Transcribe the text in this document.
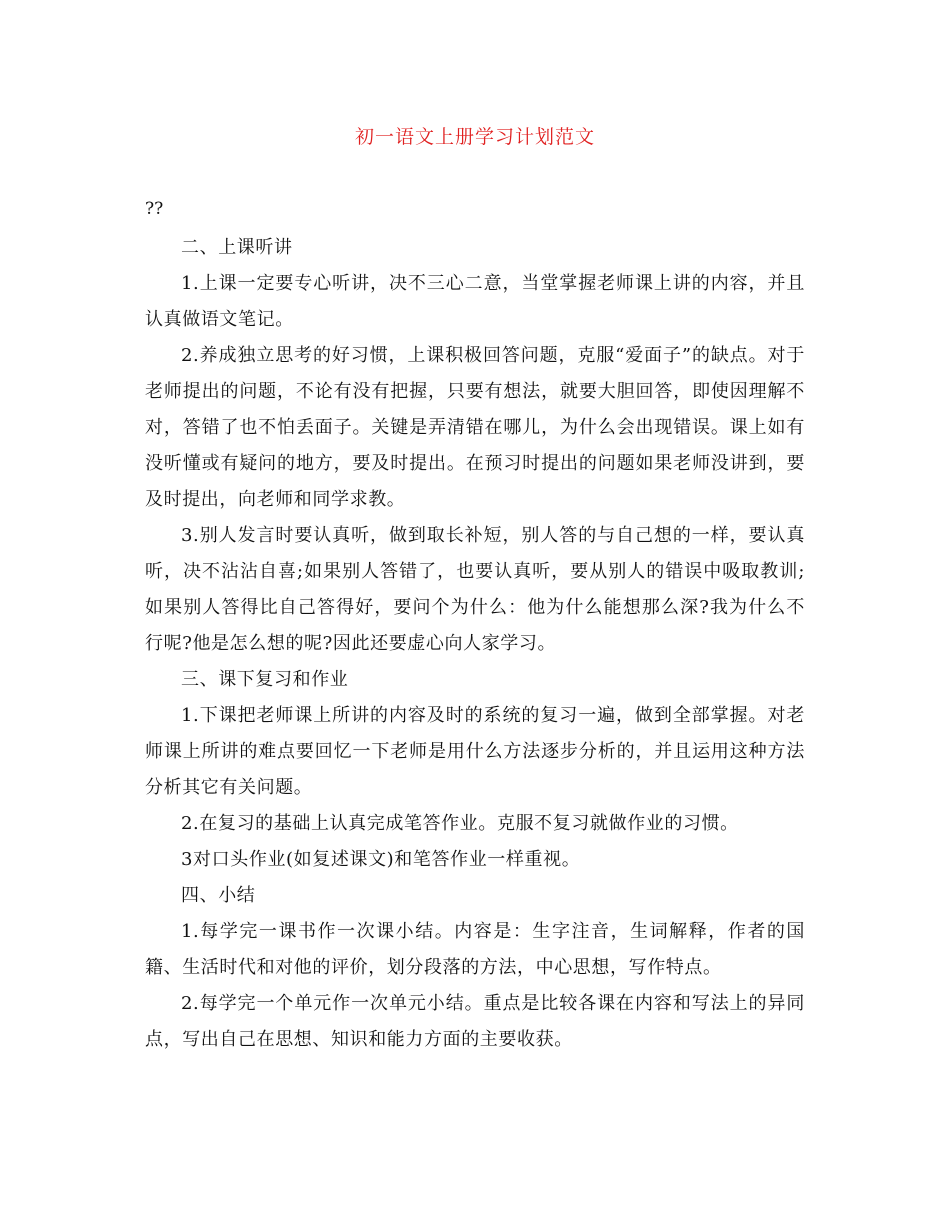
初一语文上册学习计划范文
??

二、上课听讲

1.上课一定要专心听讲，决不三心二意，当堂掌握老师课上讲的内容，并且认真做语文笔记。

2.养成独立思考的好习惯，上课积极回答问题，克服“爱面子”的缺点。对于老师提出的问题，不论有没有把握，只要有想法，就要大胆回答，即使因理解不对，答错了也不怕丢面子。关键是弄清错在哪儿，为什么会出现错误。课上如有没听懂或有疑问的地方，要及时提出。在预习时提出的问题如果老师没讲到，要及时提出，向老师和同学求教。

3.别人发言时要认真听，做到取长补短，别人答的与自己想的一样，要认真听，决不沾沾自喜;如果别人答错了，也要认真听，要从别人的错误中吸取教训;如果别人答得比自己答得好，要问个为什么：他为什么能想那么深?我为什么不行呢?他是怎么想的呢?因此还要虚心向人家学习。

三、课下复习和作业

1.下课把老师课上所讲的内容及时的系统的复习一遍，做到全部掌握。对老师课上所讲的难点要回忆一下老师是用什么方法逐步分析的，并且运用这种方法分析其它有关问题。

2.在复习的基础上认真完成笔答作业。克服不复习就做作业的习惯。

3对口头作业(如复述课文)和笔答作业一样重视。

四、小结

1.每学完一课书作一次课小结。内容是：生字注音，生词解释，作者的国籍、生活时代和对他的评价，划分段落的方法，中心思想，写作特点。

2.每学完一个单元作一次单元小结。重点是比较各课在内容和写法上的异同点，写出自己在思想、知识和能力方面的主要收获。
